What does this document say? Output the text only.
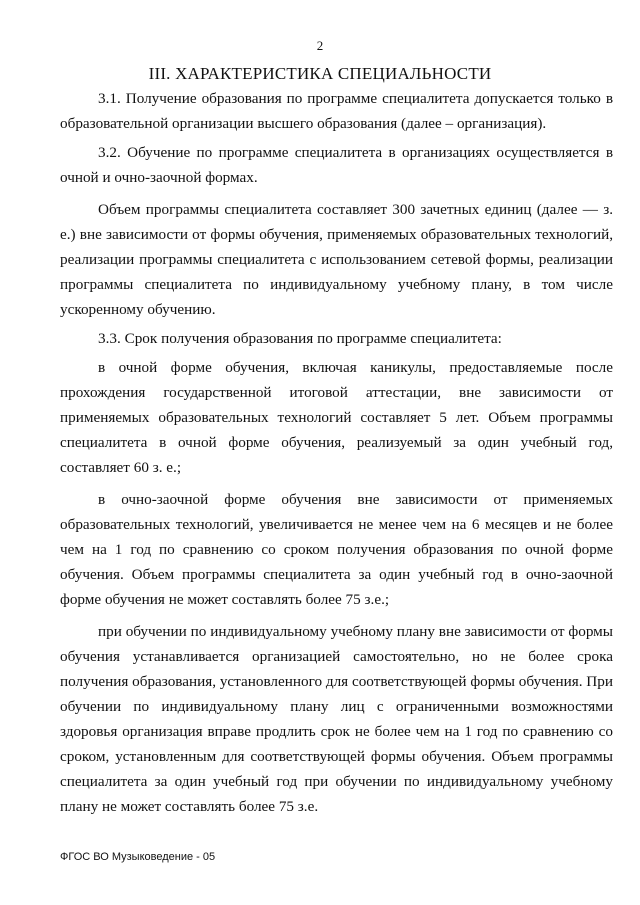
2
III. ХАРАКТЕРИСТИКА СПЕЦИАЛЬНОСТИ

3.1. Получение образования по программе специалитета допускается только в образовательной организации высшего образования (далее – организация).

3.2. Обучение по программе специалитета в организациях осуществляется в очной и очно-заочной формах.

Объем программы специалитета составляет 300 зачетных единиц (далее — з. е.) вне зависимости от формы обучения, применяемых образовательных технологий, реализации программы специалитета с использованием сетевой формы, реализации программы специалитета по индивидуальному учебному плану, в том числе ускоренному обучению.

3.3. Срок получения образования по программе специалитета:

в очной форме обучения, включая каникулы, предоставляемые после прохождения государственной итоговой аттестации, вне зависимости от применяемых образовательных технологий составляет 5 лет. Объем программы специалитета в очной форме обучения, реализуемый за один учебный год, составляет 60 з. е.;

в очно-заочной форме обучения вне зависимости от применяемых образовательных технологий, увеличивается не менее чем на 6 месяцев и не более чем на 1 год по сравнению со сроком получения образования по очной форме обучения. Объем программы специалитета за один учебный год в очно-заочной форме обучения не может составлять более 75 з.е.;

при обучении по индивидуальному учебному плану вне зависимости от формы обучения устанавливается организацией самостоятельно, но не более срока получения образования, установленного для соответствующей формы обучения. При обучении по индивидуальному плану лиц с ограниченными возможностями здоровья организация вправе продлить срок не более чем на 1 год по сравнению со сроком, установленным для соответствующей формы обучения. Объем программы специалитета за один учебный год при обучении по индивидуальному учебному плану не может составлять более 75 з.е.

ФГОС ВО Музыковедение - 05
